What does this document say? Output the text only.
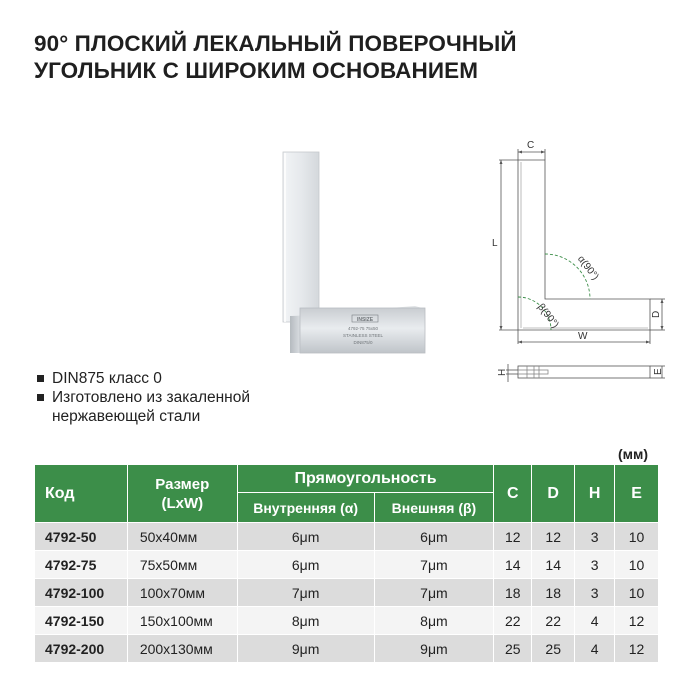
90° ПЛОСКИЙ ЛЕКАЛЬНЫЙ ПОВЕРОЧНЫЙ
УГОЛЬНИК С ШИРОКИМ ОСНОВАНИЕМ
INSIZE
4792-75 75x50
STAINLESS STEEL
DIN875/0
C
L
W
D
H	E
α(90°)
β(90°)
DIN875 класс 0
Изготовлено из закаленной нержавеющей стали
(мм)
Код	Размер (LxW)	Прямоугольность		C	D	H	E
		Внутренняя (α)	Внешняя (β)				
4792-50	50x40мм	6μm	6μm	12	12	3	10
4792-75	75x50мм	6μm	7μm	14	14	3	10
4792-100	100x70мм	7μm	7μm	18	18	3	10
4792-150	150x100мм	8μm	8μm	22	22	4	12
4792-200	200x130мм	9μm	9μm	25	25	4	12
